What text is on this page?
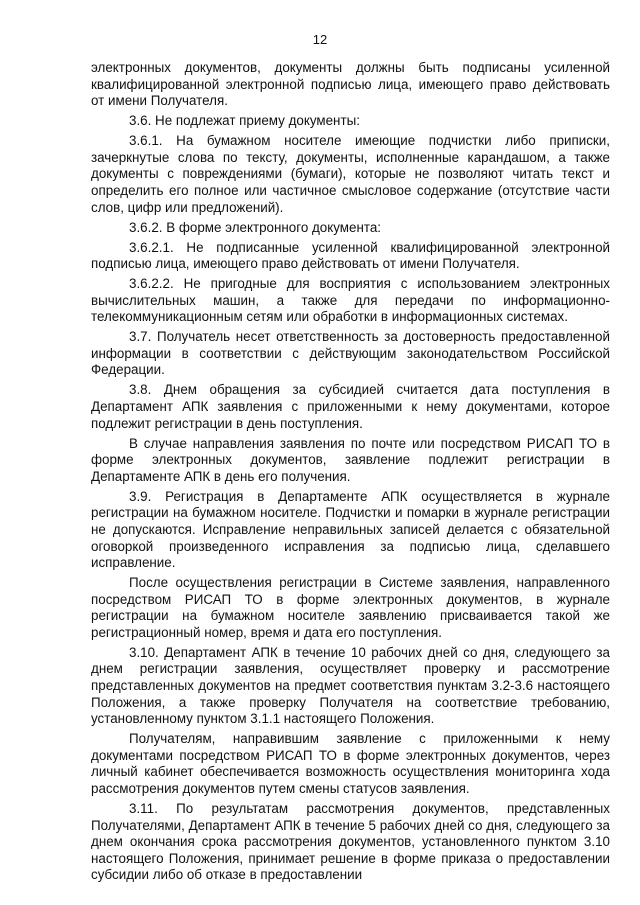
12

электронных документов, документы должны быть подписаны усиленной квалифицированной электронной подписью лица, имеющего право действовать от имени Получателя.

3.6. Не подлежат приему документы:

3.6.1. На бумажном носителе имеющие подчистки либо приписки, зачеркнутые слова по тексту, документы, исполненные карандашом, а также документы с повреждениями (бумаги), которые не позволяют читать текст и определить его полное или частичное смысловое содержание (отсутствие части слов, цифр или предложений).

3.6.2. В форме электронного документа:

3.6.2.1. Не подписанные усиленной квалифицированной электронной подписью лица, имеющего право действовать от имени Получателя.

3.6.2.2. Не пригодные для восприятия с использованием электронных вычислительных машин, а также для передачи по информационно-телекоммуникационным сетям или обработки в информационных системах.

3.7. Получатель несет ответственность за достоверность предоставленной информации в соответствии с действующим законодательством Российской Федерации.

3.8. Днем обращения за субсидией считается дата поступления в Департамент АПК заявления с приложенными к нему документами, которое подлежит регистрации в день поступления.

В случае направления заявления по почте или посредством РИСАП ТО в форме электронных документов, заявление подлежит регистрации в Департаменте АПК в день его получения.

3.9. Регистрация в Департаменте АПК осуществляется в журнале регистрации на бумажном носителе. Подчистки и помарки в журнале регистрации не допускаются. Исправление неправильных записей делается с обязательной оговоркой произведенного исправления за подписью лица, сделавшего исправление.

После осуществления регистрации в Системе заявления, направленного посредством РИСАП ТО в форме электронных документов, в журнале регистрации на бумажном носителе заявлению присваивается такой же регистрационный номер, время и дата его поступления.

3.10. Департамент АПК в течение 10 рабочих дней со дня, следующего за днем регистрации заявления, осуществляет проверку и рассмотрение представленных документов на предмет соответствия пунктам 3.2-3.6 настоящего Положения, а также проверку Получателя на соответствие требованию, установленному пунктом 3.1.1 настоящего Положения.

Получателям, направившим заявление с приложенными к нему документами посредством РИСАП ТО в форме электронных документов, через личный кабинет обеспечивается возможность осуществления мониторинга хода рассмотрения документов путем смены статусов заявления.

3.11. По результатам рассмотрения документов, представленных Получателями, Департамент АПК в течение 5 рабочих дней со дня, следующего за днем окончания срока рассмотрения документов, установленного пунктом 3.10 настоящего Положения, принимает решение в форме приказа о предоставлении субсидии либо об отказе в предоставлении
